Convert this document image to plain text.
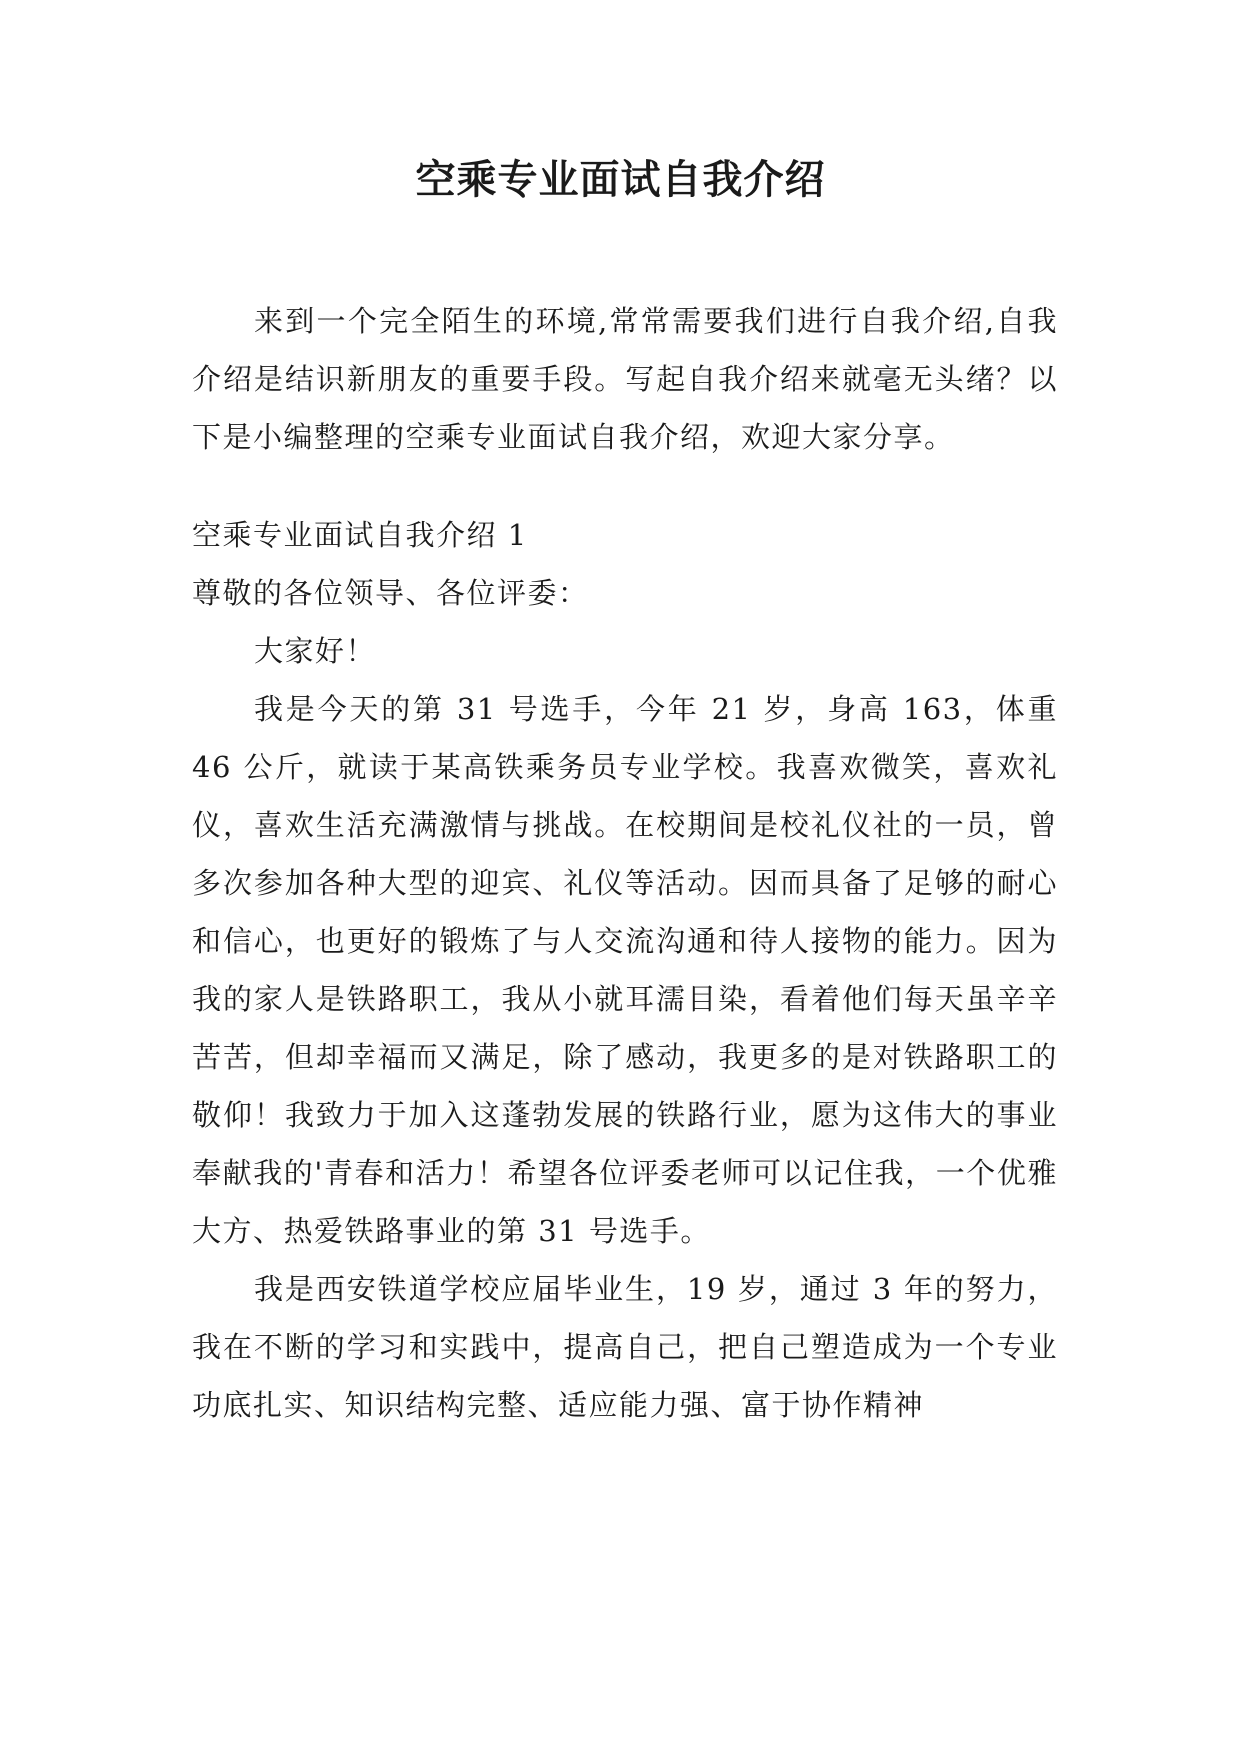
空乘专业面试自我介绍

来到一个完全陌生的环境,常常需要我们进行自我介绍,自我介绍是结识新朋友的重要手段。写起自我介绍来就毫无头绪？以下是小编整理的空乘专业面试自我介绍，欢迎大家分享。

空乘专业面试自我介绍 1

尊敬的各位领导、各位评委：

大家好！

我是今天的第 31 号选手，今年 21 岁，身高 163，体重 46 公斤，就读于某高铁乘务员专业学校。我喜欢微笑，喜欢礼仪，喜欢生活充满激情与挑战。在校期间是校礼仪社的一员，曾多次参加各种大型的迎宾、礼仪等活动。因而具备了足够的耐心和信心，也更好的锻炼了与人交流沟通和待人接物的能力。因为我的家人是铁路职工，我从小就耳濡目染，看着他们每天虽辛辛苦苦，但却幸福而又满足，除了感动，我更多的是对铁路职工的敬仰！我致力于加入这蓬勃发展的铁路行业，愿为这伟大的事业奉献我的'青春和活力！希望各位评委老师可以记住我，一个优雅大方、热爱铁路事业的第 31 号选手。

我是西安铁道学校应届毕业生，19 岁，通过 3 年的努力，我在不断的学习和实践中，提高自己，把自己塑造成为一个专业功底扎实、知识结构完整、适应能力强、富于协作精神
